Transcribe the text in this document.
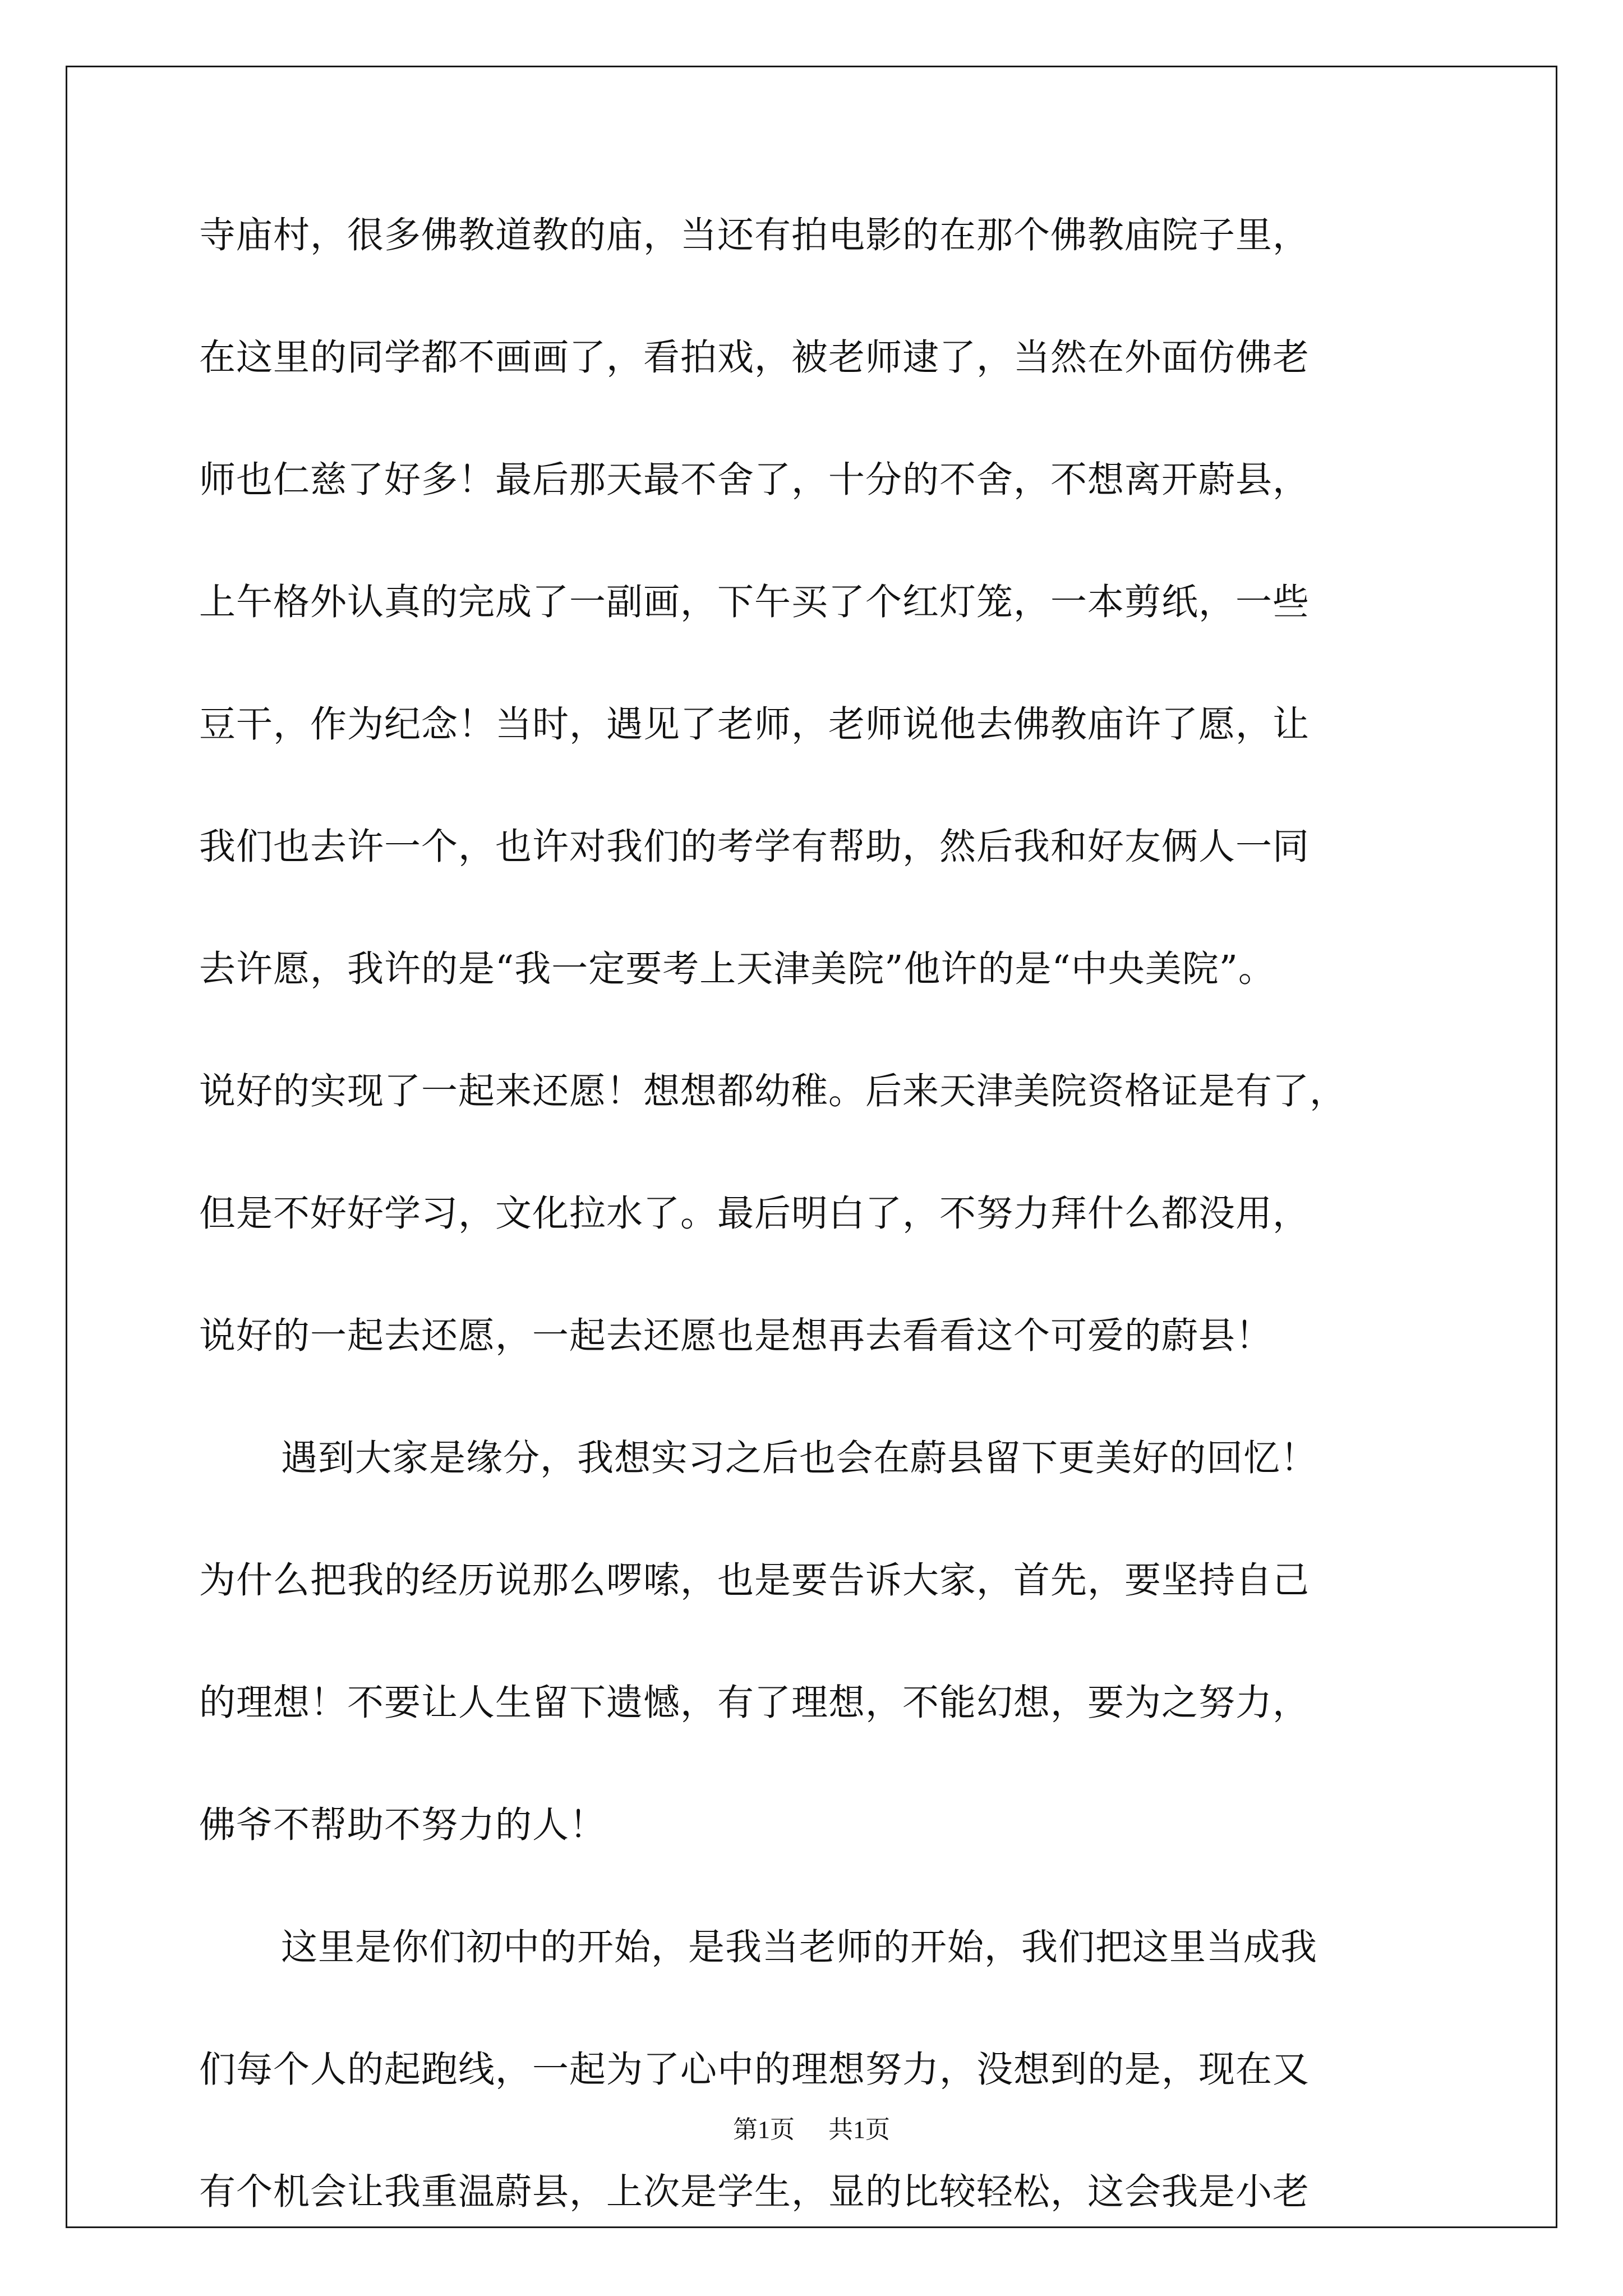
寺庙村，很多佛教道教的庙，当还有拍电影的在那个佛教庙院子里，
在这里的同学都不画画了，看拍戏，被老师逮了，当然在外面仿佛老
师也仁慈了好多！最后那天最不舍了，十分的不舍，不想离开蔚县，
上午格外认真的完成了一副画，下午买了个红灯笼，一本剪纸，一些
豆干，作为纪念！当时，遇见了老师，老师说他去佛教庙许了愿，让
我们也去许一个，也许对我们的考学有帮助，然后我和好友俩人一同
去许愿，我许的是“我一定要考上天津美院”他许的是“中央美院”。
说好的实现了一起来还愿！想想都幼稚。后来天津美院资格证是有了，
但是不好好学习，文化拉水了。最后明白了，不努力拜什么都没用，
说好的一起去还愿，一起去还愿也是想再去看看这个可爱的蔚县！
遇到大家是缘分，我想实习之后也会在蔚县留下更美好的回忆！
为什么把我的经历说那么啰嗦，也是要告诉大家，首先，要坚持自己
的理想！不要让人生留下遗憾，有了理想，不能幻想，要为之努力，
佛爷不帮助不努力的人！
这里是你们初中的开始，是我当老师的开始，我们把这里当成我
们每个人的起跑线，一起为了心中的理想努力，没想到的是，现在又
有个机会让我重温蔚县，上次是学生，显的比较轻松，这会我是小老
第1页 共1页
